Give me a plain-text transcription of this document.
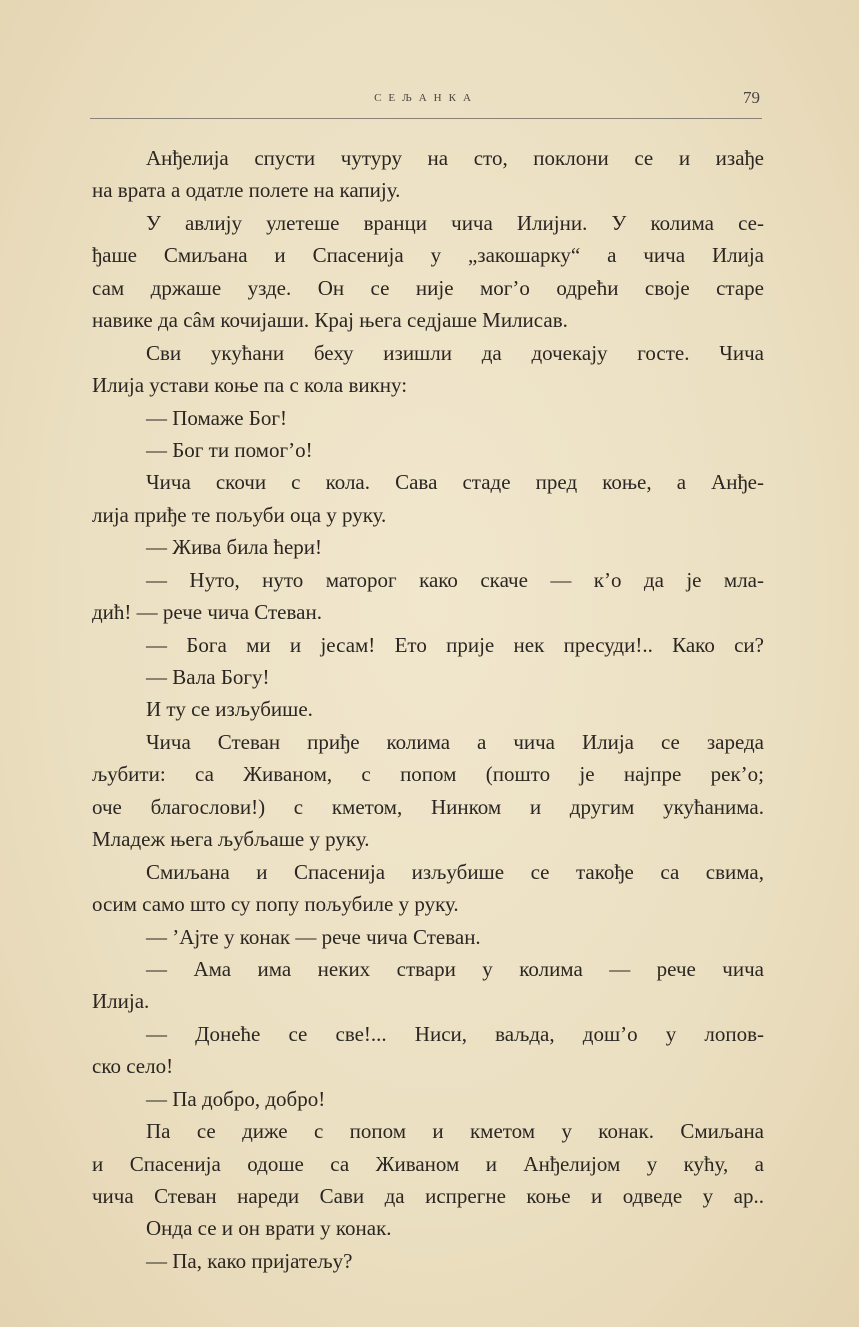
СЕЉАНКА	79
Анђелија спусти чутуру на сто, поклони се и изађе
на врата а одатле полете на капију.
У авлију улетеше вранци чича Илијни. У колима се-
ђаше Смиљана и Спасенија у „закошарку“ а чича Илија
сам држаше узде. Он се није мог’о одрећи своје старе
навике да сâм кочијаши. Крај њега седјаше Милисав.
Сви укућани беху изишли да дочекају госте. Чича
Илија устави коње па с кола викну:
— Помаже Бог!
— Бог ти помог’о!
Чича скочи с кола. Сава стаде пред коње, а Анђе-
лија приђе те пољуби оца у руку.
— Жива била ћери!
— Нуто, нуто маторог како скаче — к’о да је мла-
дић! — рече чича Стеван.
— Бога ми и јесам! Ето прије нек пресуди!.. Како си?
— Вала Богу!
И ту се изљубише.
Чича Стеван приђе колима а чича Илија се зареда
љубити: са Живаном, с попом (пошто је најпре рек’о;
оче благослови!) с кметом, Нинком и другим укућанима.
Младеж њега љубљаше у руку.
Смиљана и Спасенија изљубише се такође са свима,
осим само што су попу пољубиле у руку.
— ’Ајте у конак — рече чича Стеван.
— Ама има неких ствари у колима — рече чича
Илија.
— Донеће се све!... Ниси, ваљда, дош’о у лопов-
ско село!
— Па добро, добро!
Па се диже с попом и кметом у конак. Смиљана
и Спасенија одоше са Живаном и Анђелијом у кућу, а
чича Стеван нареди Сави да испрегне коње и одведе у ар..
Онда се и он врати у конак.
— Па, како пријатељу?
